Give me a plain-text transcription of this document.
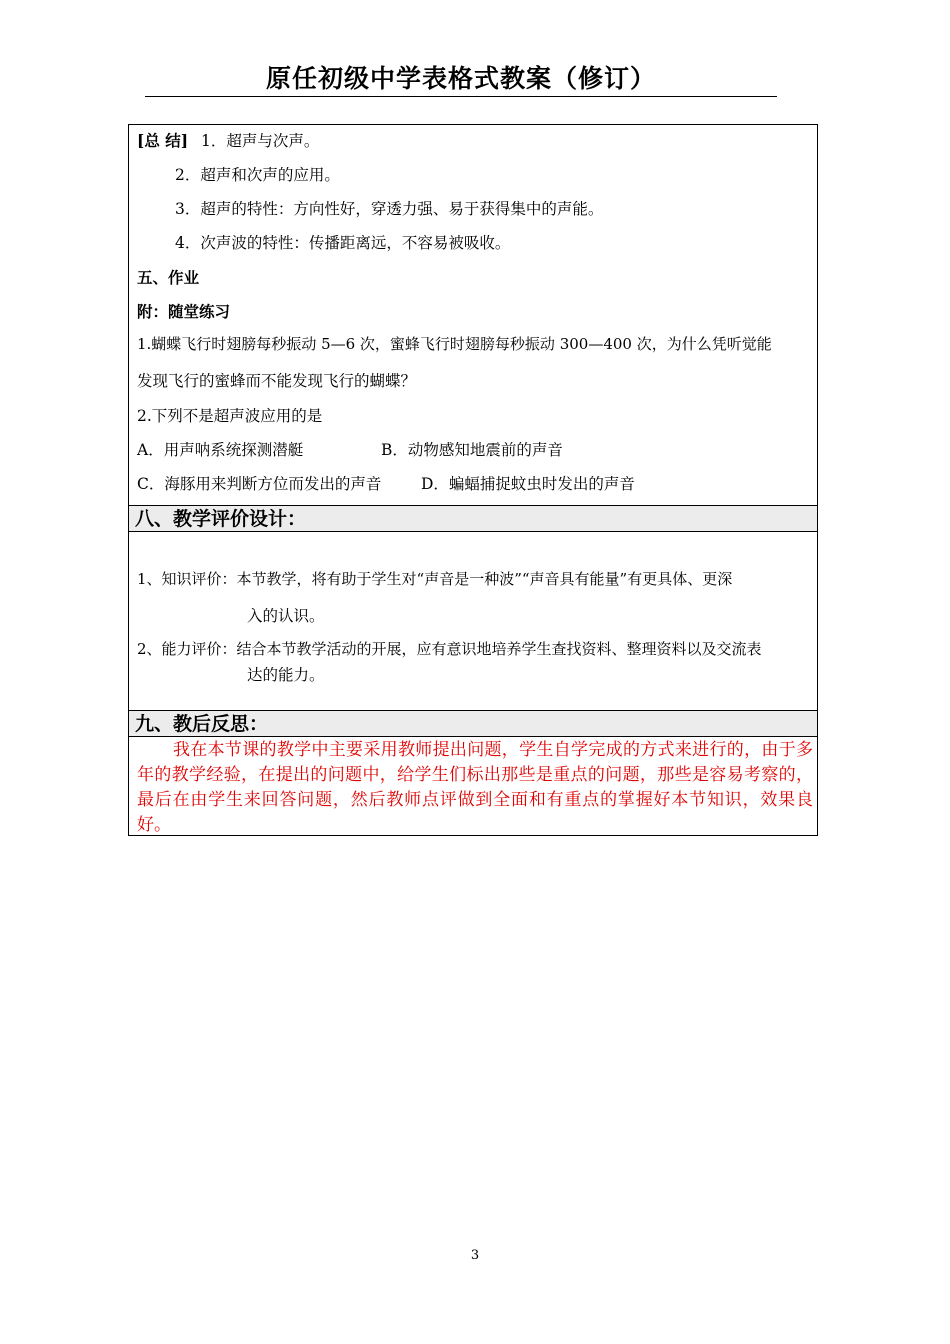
原任初级中学表格式教案（修订）
[总 结] 1．超声与次声。
2．超声和次声的应用。
3．超声的特性：方向性好，穿透力强、易于获得集中的声能。
4．次声波的特性：传播距离远，不容易被吸收。
五、作业
附：随堂练习
1.蝴蝶飞行时翅膀每秒振动 5—6 次，蜜蜂飞行时翅膀每秒振动 300—400 次，为什么凭听觉能
发现飞行的蜜蜂而不能发现飞行的蝴蝶？
2.下列不是超声波应用的是
A．用声呐系统探测潜艇	B．动物感知地震前的声音
C．海豚用来判断方位而发出的声音	D．蝙蝠捕捉蚊虫时发出的声音
八、教学评价设计：
1、知识评价：本节教学，将有助于学生对“声音是一种波”“声音具有能量”有更具体、更深
入的认识。
2、能力评价：结合本节教学活动的开展，应有意识地培养学生查找资料、整理资料以及交流表
达的能力。
九、教后反思：
我在本节课的教学中主要采用教师提出问题，学生自学完成的方式来进行的，由于多年的教学经验，在提出的问题中，给学生们标出那些是重点的问题，那些是容易考察的，最后在由学生来回答问题，然后教师点评做到全面和有重点的掌握好本节知识，效果良好。
3
